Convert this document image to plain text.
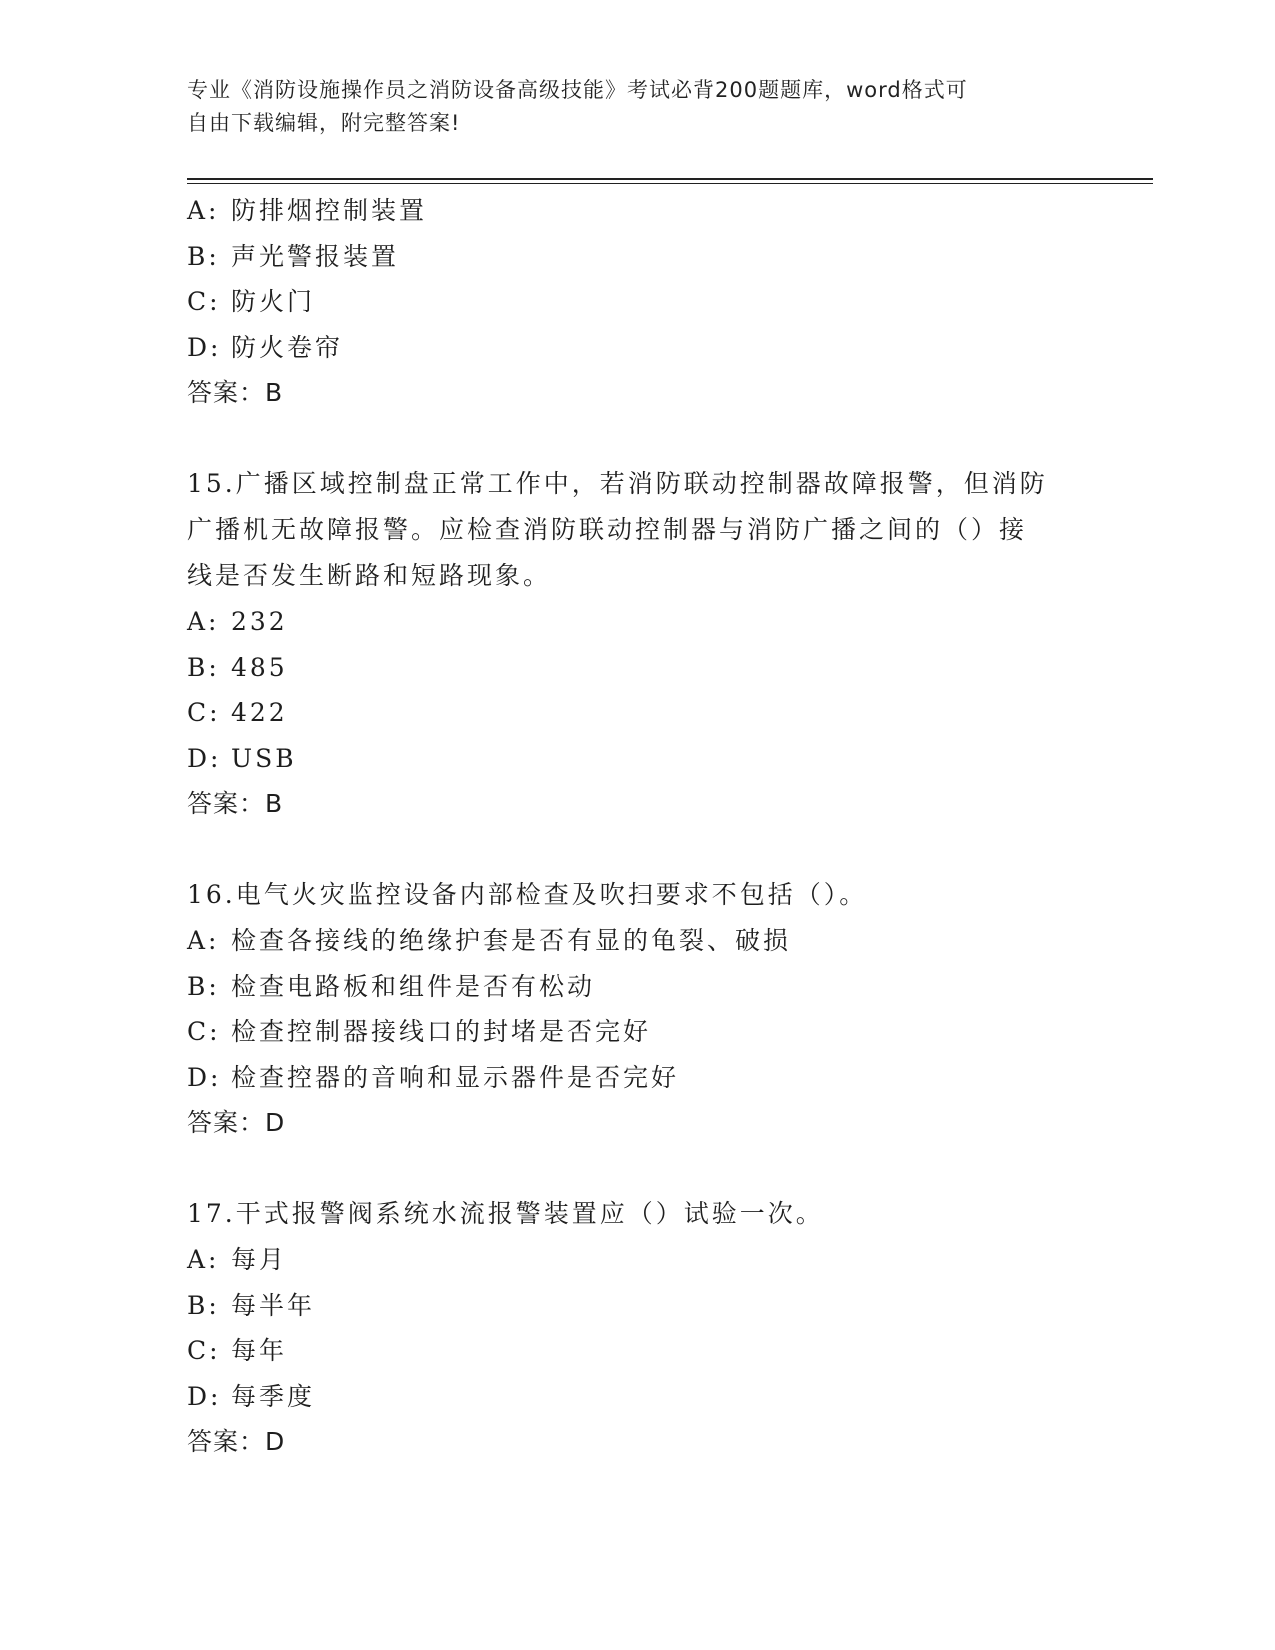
专业《消防设施操作员之消防设备高级技能》考试必背200题题库，word格式可
自由下载编辑，附完整答案!
A: 防排烟控制装置
B: 声光警报装置
C: 防火门
D: 防火卷帘
答案：B
15.广播区域控制盘正常工作中，若消防联动控制器故障报警，但消防
广播机无故障报警。应检查消防联动控制器与消防广播之间的（）接
线是否发生断路和短路现象。
A: 232
B: 485
C: 422
D: USB
答案：B
16.电气火灾监控设备内部检查及吹扫要求不包括（）。
A: 检查各接线的绝缘护套是否有显的龟裂、破损
B: 检查电路板和组件是否有松动
C: 检查控制器接线口的封堵是否完好
D: 检查控器的音响和显示器件是否完好
答案：D
17.干式报警阀系统水流报警装置应（）试验一次。
A: 每月
B: 每半年
C: 每年
D: 每季度
答案：D
